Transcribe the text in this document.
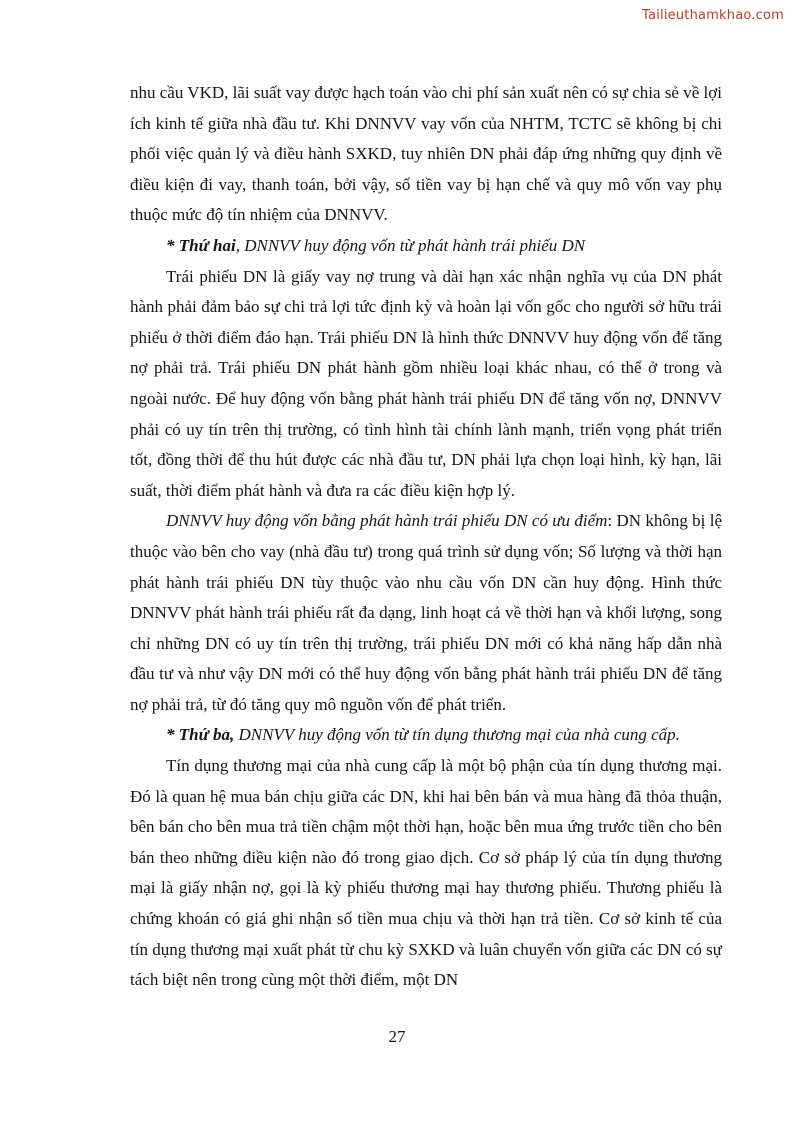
Tailieuthamkhao.com

nhu cầu VKD, lãi suất vay được hạch toán vào chi phí sản xuất nên có sự chia sẻ về lợi ích kinh tế giữa nhà đầu tư. Khi DNNVV vay vốn của NHTM, TCTC sẽ không bị chi phối việc quản lý và điều hành SXKD, tuy nhiên DN phải đáp ứng những quy định về điều kiện đi vay, thanh toán, bởi vậy, số tiền vay bị hạn chế và quy mô vốn vay phụ thuộc mức độ tín nhiệm của DNNVV.

* Thứ hai, DNNVV huy động vốn từ phát hành trái phiếu DN

Trái phiếu DN là giấy vay nợ trung và dài hạn xác nhận nghĩa vụ của DN phát hành phải đảm bảo sự chi trả lợi tức định kỳ và hoàn lại vốn gốc cho người sở hữu trái phiếu ở thời điểm đáo hạn. Trái phiếu DN là hình thức DNNVV huy động vốn để tăng nợ phải trả. Trái phiếu DN phát hành gồm nhiều loại khác nhau, có thể ở trong và ngoài nước. Để huy động vốn bằng phát hành trái phiếu DN để tăng vốn nợ, DNNVV phải có uy tín trên thị trường, có tình hình tài chính lành mạnh, triển vọng phát triển tốt, đồng thời để thu hút được các nhà đầu tư, DN phải lựa chọn loại hình, kỳ hạn, lãi suất, thời điểm phát hành và đưa ra các điều kiện hợp lý.

DNNVV huy động vốn bằng phát hành trái phiếu DN có ưu điểm: DN không bị lệ thuộc vào bên cho vay (nhà đầu tư) trong quá trình sử dụng vốn; Số lượng và thời hạn phát hành trái phiếu DN tùy thuộc vào nhu cầu vốn DN cần huy động. Hình thức DNNVV phát hành trái phiếu rất đa dạng, linh hoạt cả về thời hạn và khối lượng, song chỉ những DN có uy tín trên thị trường, trái phiếu DN mới có khả năng hấp dẫn nhà đầu tư và như vậy DN mới có thể huy động vốn bằng phát hành trái phiếu DN để tăng nợ phải trả, từ đó tăng quy mô nguồn vốn để phát triển.

* Thứ ba, DNNVV huy động vốn từ tín dụng thương mại của nhà cung cấp.

Tín dụng thương mại của nhà cung cấp là một bộ phận của tín dụng thương mại. Đó là quan hệ mua bán chịu giữa các DN, khi hai bên bán và mua hàng đã thỏa thuận, bên bán cho bên mua trả tiền chậm một thời hạn, hoặc bên mua ứng trước tiền cho bên bán theo những điều kiện nào đó trong giao dịch. Cơ sở pháp lý của tín dụng thương mại là giấy nhận nợ, gọi là kỳ phiếu thương mại hay thương phiếu. Thương phiếu là chứng khoán có giá ghi nhận số tiền mua chịu và thời hạn trả tiền. Cơ sở kinh tế của tín dụng thương mại xuất phát từ chu kỳ SXKD và luân chuyển vốn giữa các DN có sự tách biệt nên trong cùng một thời điểm, một DN

27
